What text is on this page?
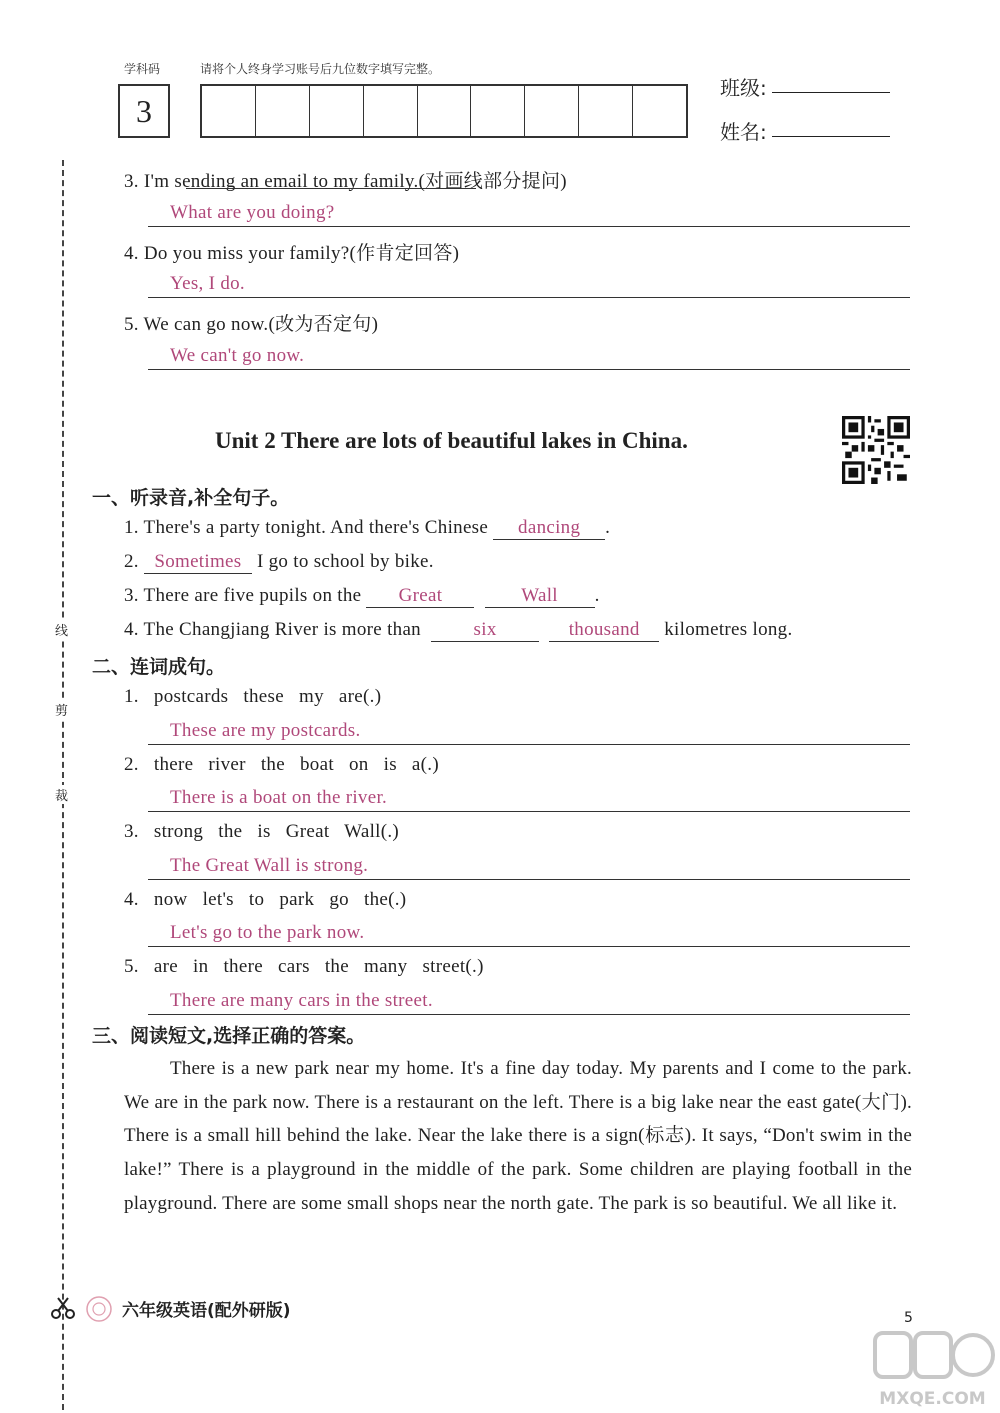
学科码	请将个人终身学习账号后九位数字填写完整。
3
班级:
姓名:
线
剪
裁
3. I'm sending an email to my family.(对画线部分提问)
What are you doing?
4. Do you miss your family?(作肯定回答)
Yes, I do.
5. We can go now.(改为否定句)
We can't go now.
Unit 2 There are lots of beautiful lakes in China.
一、听录音,补全句子。
1. There's a party tonight. And there's Chinese dancing .
2. Sometimes I go to school by bike.
3. There are five pupils on the Great	Wall .
4. The Changjiang River is more than	six	thousand kilometres long.
二、连词成句。
1. postcards these my are(.)
These are my postcards.
2. there river the boat on is a(.)
There is a boat on the river.
3. strong the is Great Wall(.)
The Great Wall is strong.
4. now let's to park go the(.)
Let's go to the park now.
5. are in there cars the many street(.)
There are many cars in the street.
三、阅读短文,选择正确的答案。

There is a new park near my home. It's a fine day today. My parents and I come to the park. We are in the park now. There is a restaurant on the left. There is a big lake near the east gate(大门). There is a small hill behind the lake. Near the lake there is a sign(标志). It says, “Don't swim in the lake!” There is a playground in the middle of the park. Some children are playing football in the playground. There are some small shops near the north gate. The park is so beautiful. We all like it.

六年级英语(配外研版)	5
MXQE.COM
